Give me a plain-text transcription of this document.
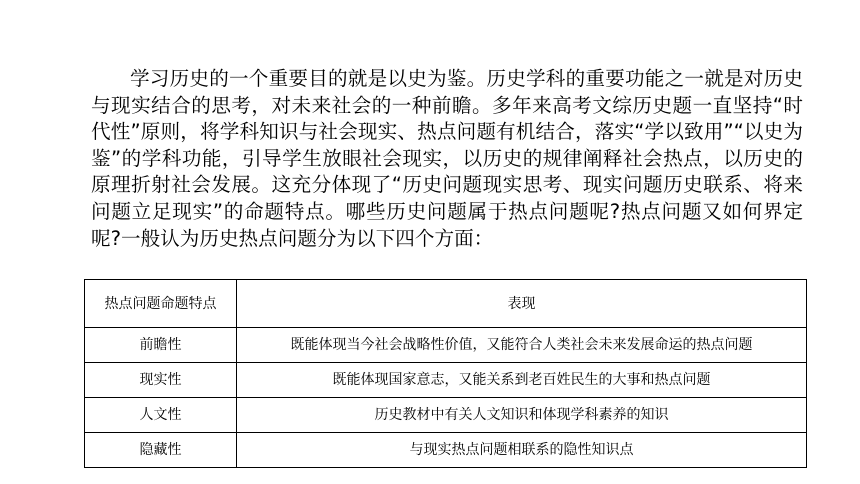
学习历史的一个重要目的就是以史为鉴。历史学科的重要功能之一就是对历史与现实结合的思考，对未来社会的一种前瞻。多年来高考文综历史题一直坚持“时代性”原则，将学科知识与社会现实、热点问题有机结合，落实“学以致用”“以史为鉴”的学科功能，引导学生放眼社会现实，以历史的规律阐释社会热点，以历史的原理折射社会发展。这充分体现了“历史问题现实思考、现实问题历史联系、将来问题立足现实”的命题特点。哪些历史问题属于热点问题呢?热点问题又如何界定呢?一般认为历史热点问题分为以下四个方面：

热点问题命题特点	表现
前瞻性	既能体现当今社会战略性价值，又能符合人类社会未来发展命运的热点问题
现实性	既能体现国家意志，又能关系到老百姓民生的大事和热点问题
人文性	历史教材中有关人文知识和体现学科素养的知识
隐藏性	与现实热点问题相联系的隐性知识点
